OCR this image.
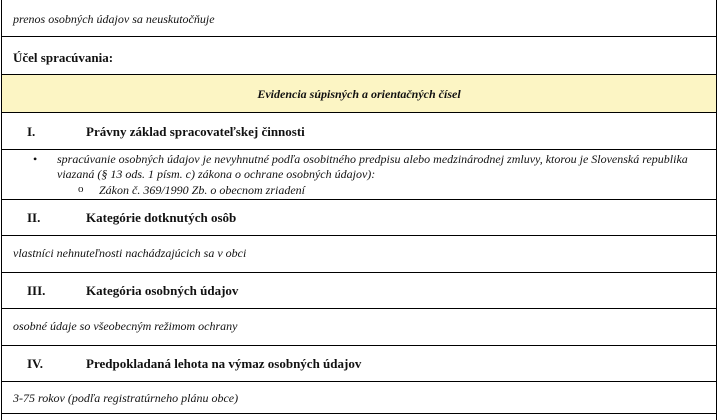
prenos osobných údajov sa neuskutočňuje
Účel spracúvania:
Evidencia súpisných a orientačných čísel
I.	Právny základ spracovateľskej činnosti
• spracúvanie osobných údajov je nevyhnutné podľa osobitného predpisu alebo medzinárodnej zmluvy, ktorou je Slovenská republika viazaná (§ 13 ods. 1 písm. c) zákona o ochrane osobných údajov):
o Zákon č. 369/1990 Zb. o obecnom zriadení
II.	Kategórie dotknutých osôb
vlastníci nehnuteľnosti nachádzajúcich sa v obci
III.	Kategória osobných údajov
osobné údaje so všeobecným režimom ochrany
IV.	Predpokladaná lehota na výmaz osobných údajov
3-75 rokov (podľa registratúrneho plánu obce)
